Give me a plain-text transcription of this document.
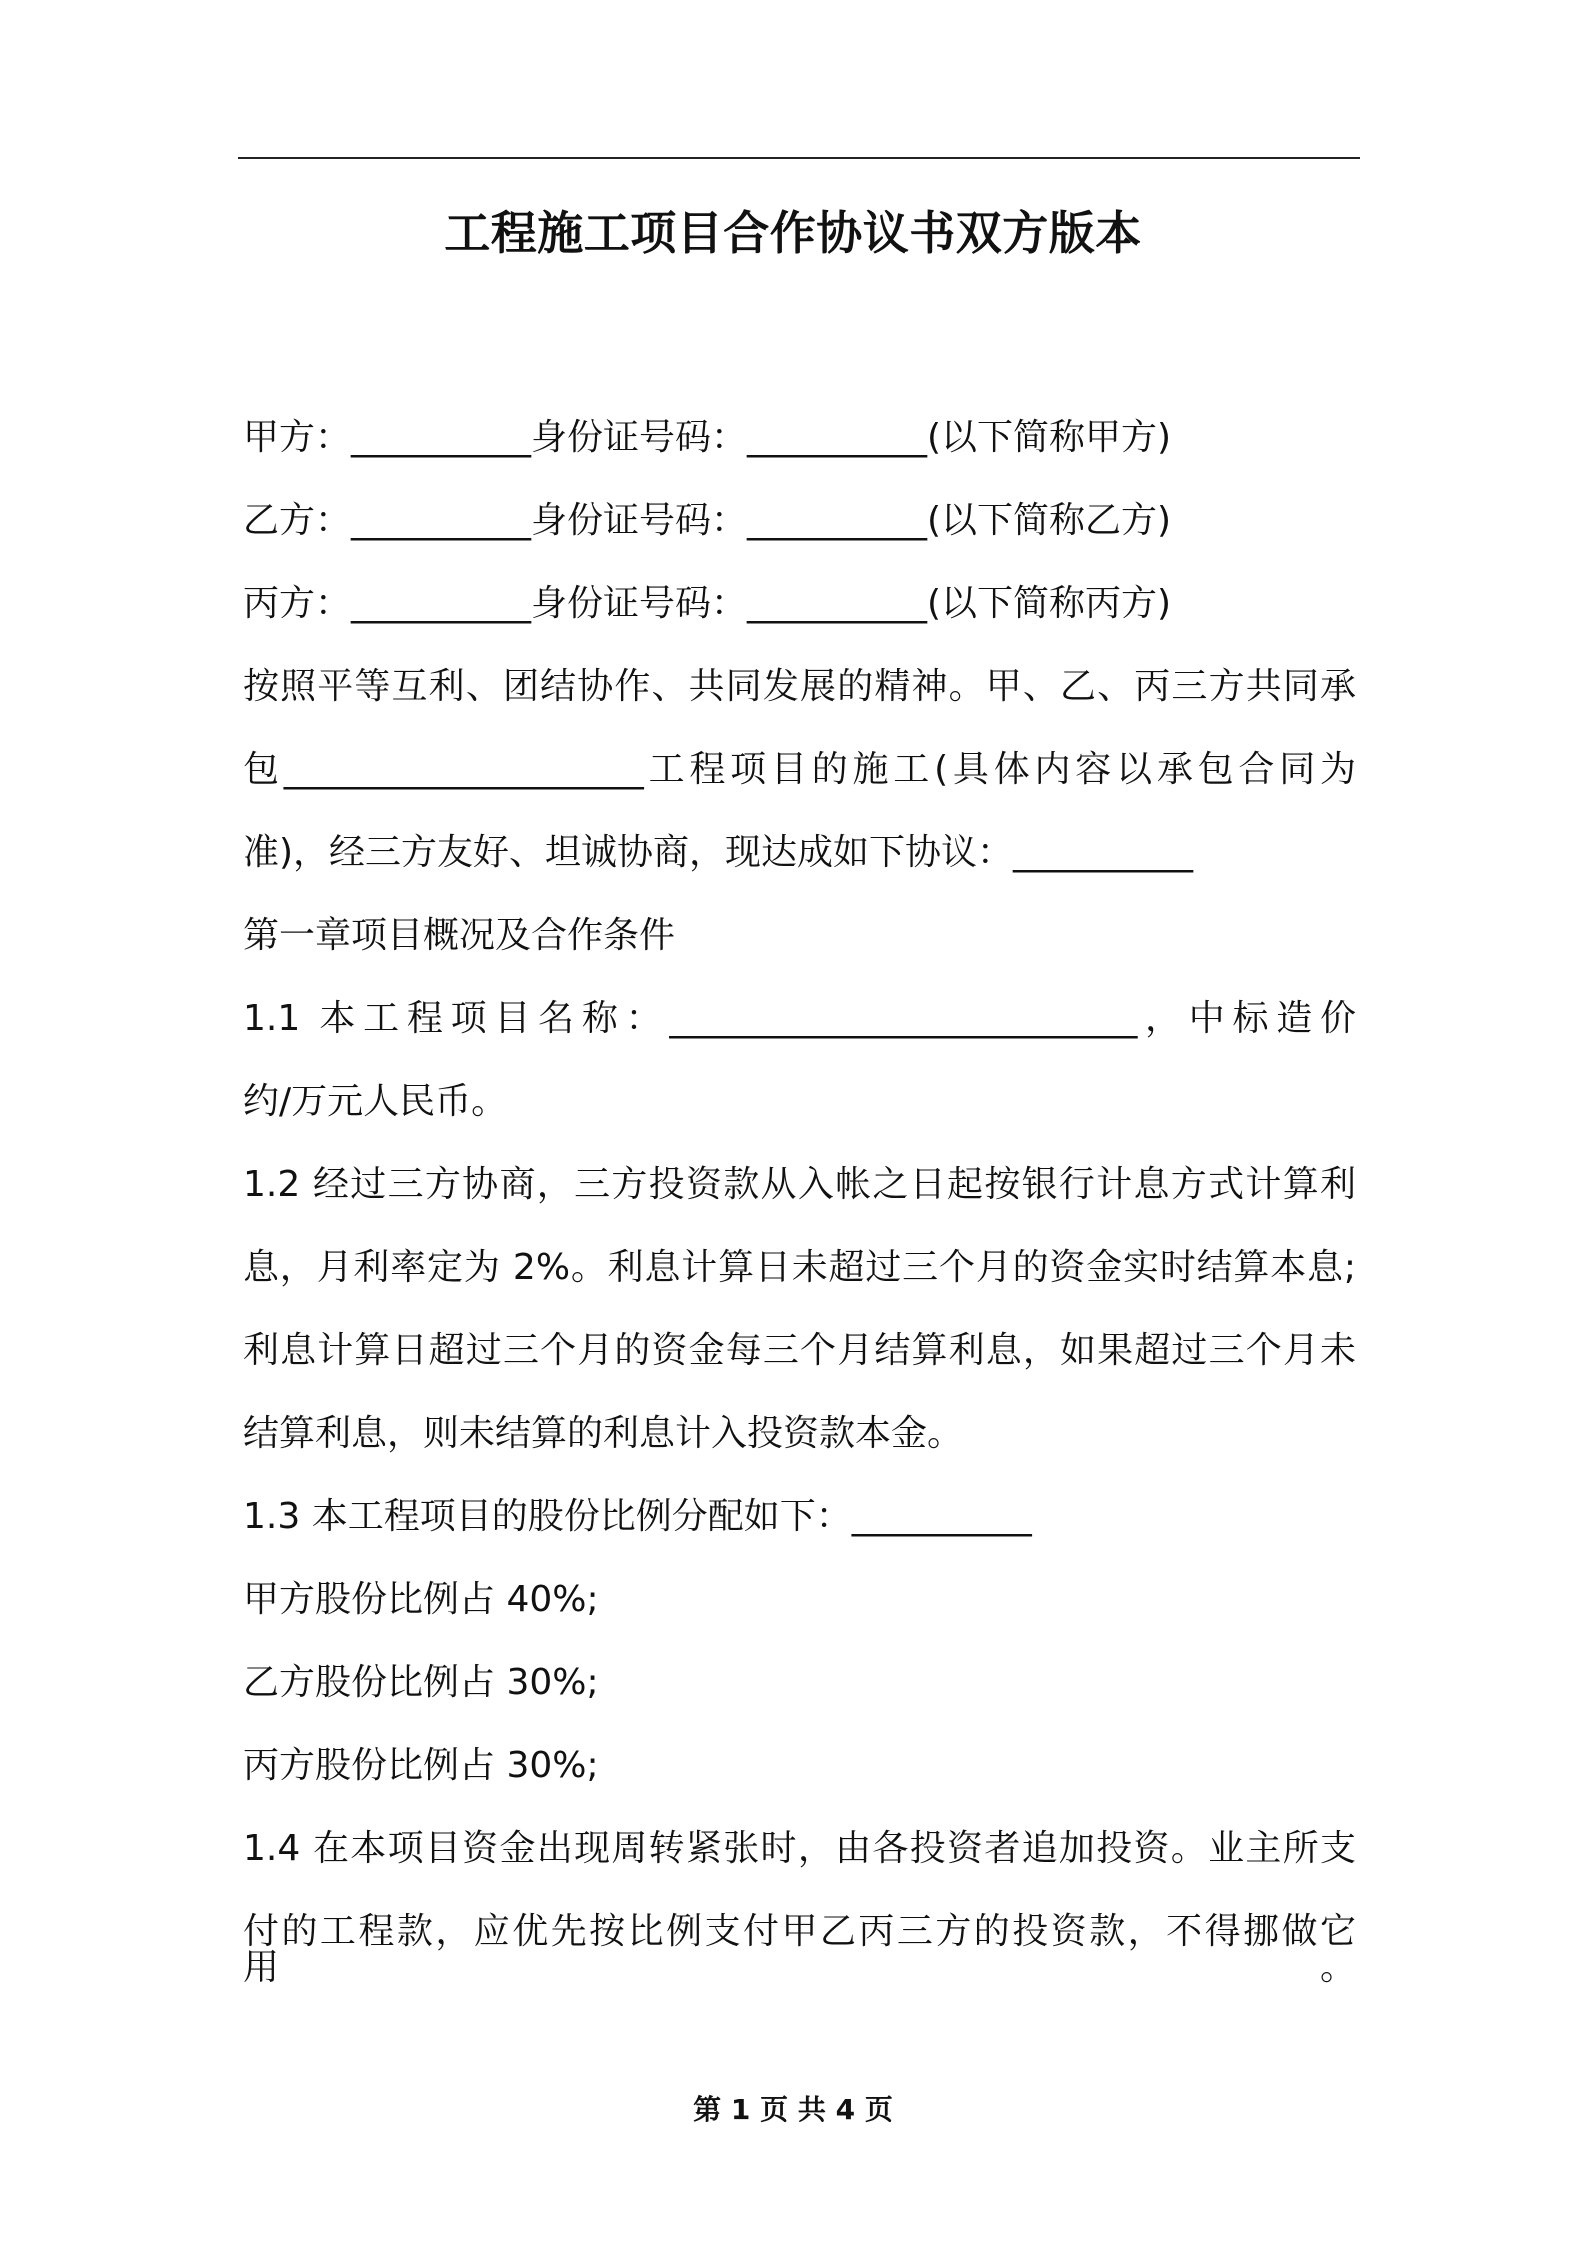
工程施工项目合作协议书双方版本
甲方：__________身份证号码：__________(以下简称甲方)
乙方：__________身份证号码：__________(以下简称乙方)
丙方：__________身份证号码：__________(以下简称丙方)
按照平等互利、团结协作、共同发展的精神。甲、乙、丙三方共同承
包____________________工程项目的施工(具体内容以承包合同为
准)，经三方友好、坦诚协商，现达成如下协议：__________
第一章项目概况及合作条件
1.1 本工程项目名称：__________________________，中标造价
约/万元人民币。
1.2 经过三方协商，三方投资款从入帐之日起按银行计息方式计算利
息，月利率定为 2%。利息计算日未超过三个月的资金实时结算本息;
利息计算日超过三个月的资金每三个月结算利息，如果超过三个月未
结算利息，则未结算的利息计入投资款本金。
1.3 本工程项目的股份比例分配如下：__________
甲方股份比例占 40%;
乙方股份比例占 30%;
丙方股份比例占 30%;
1.4 在本项目资金出现周转紧张时，由各投资者追加投资。业主所支
付的工程款，应优先按比例支付甲乙丙三方的投资款，不得挪做它用。
第 1 页 共 4 页
